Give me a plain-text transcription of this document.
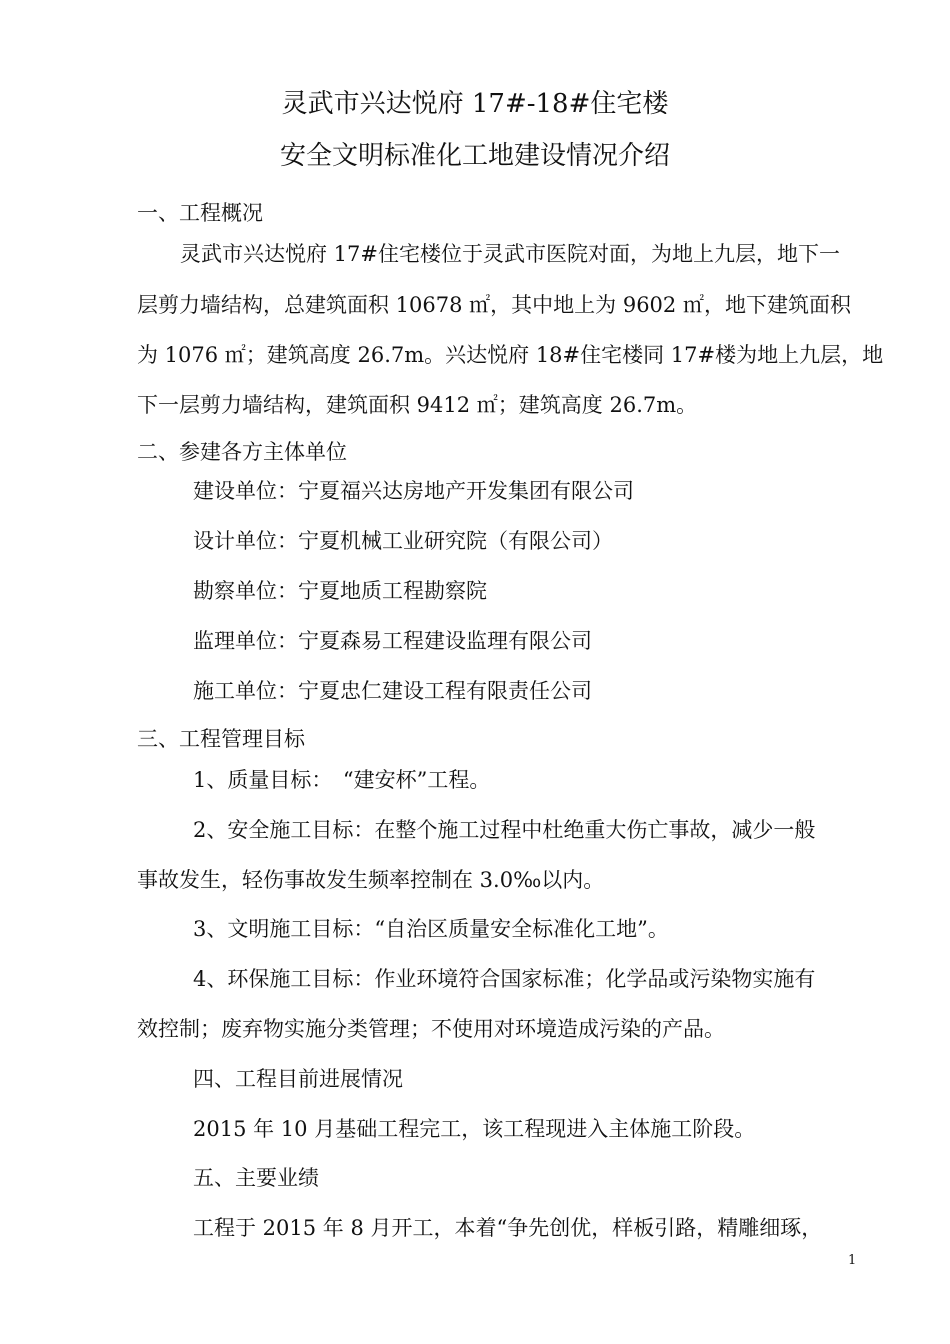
灵武市兴达悦府 17#-18#住宅楼
安全文明标准化工地建设情况介绍
一、工程概况
灵武市兴达悦府 17#住宅楼位于灵武市医院对面，为地上九层，地下一
层剪力墙结构，总建筑面积 10678 ㎡，其中地上为 9602 ㎡，地下建筑面积
为 1076 ㎡；建筑高度 26.7m。兴达悦府 18#住宅楼同 17#楼为地上九层，地
下一层剪力墙结构，建筑面积 9412 ㎡；建筑高度 26.7m。
二、参建各方主体单位
建设单位：宁夏福兴达房地产开发集团有限公司
设计单位：宁夏机械工业研究院（有限公司）
勘察单位：宁夏地质工程勘察院
监理单位：宁夏森易工程建设监理有限公司
施工单位：宁夏忠仁建设工程有限责任公司
三、工程管理目标
1、质量目标：　“建安杯”工程。
2、安全施工目标：在整个施工过程中杜绝重大伤亡事故，减少一般
事故发生，轻伤事故发生频率控制在 3.0‰以内。
3、文明施工目标：“自治区质量安全标准化工地”。
4、环保施工目标：作业环境符合国家标准；化学品或污染物实施有
效控制；废弃物实施分类管理；不使用对环境造成污染的产品。
四、工程目前进展情况
2015 年 10 月基础工程完工，该工程现进入主体施工阶段。
五、主要业绩
工程于 2015 年 8 月开工，本着“争先创优，样板引路，精雕细琢，
1
